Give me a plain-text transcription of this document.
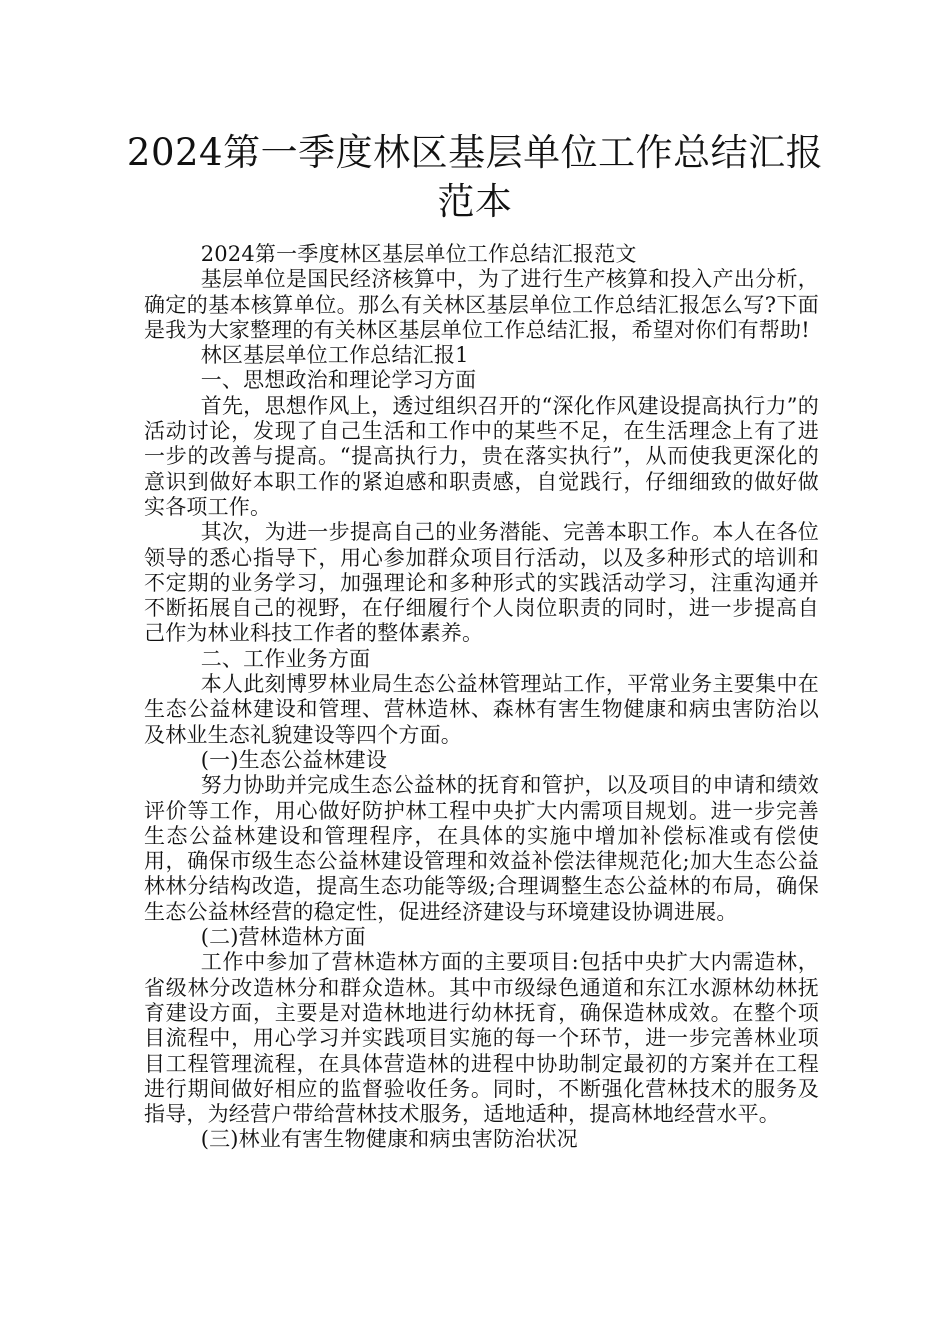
2024第一季度林区基层单位工作总结汇报范本

2024第一季度林区基层单位工作总结汇报范文

基层单位是国民经济核算中，为了进行生产核算和投入产出分析，确定的基本核算单位。那么有关林区基层单位工作总结汇报怎么写?下面是我为大家整理的有关林区基层单位工作总结汇报，希望对你们有帮助!

林区基层单位工作总结汇报1

一、思想政治和理论学习方面

首先，思想作风上，透过组织召开的“深化作风建设提高执行力”的活动讨论，发现了自己生活和工作中的某些不足，在生活理念上有了进一步的改善与提高。“提高执行力，贵在落实执行”，从而使我更深化的意识到做好本职工作的紧迫感和职责感，自觉践行，仔细细致的做好做实各项工作。

其次，为进一步提高自己的业务潜能、完善本职工作。本人在各位领导的悉心指导下，用心参加群众项目行活动，以及多种形式的培训和不定期的业务学习，加强理论和多种形式的实践活动学习，注重沟通并不断拓展自己的视野，在仔细履行个人岗位职责的同时，进一步提高自己作为林业科技工作者的整体素养。

二、工作业务方面

本人此刻博罗林业局生态公益林管理站工作，平常业务主要集中在生态公益林建设和管理、营林造林、森林有害生物健康和病虫害防治以及林业生态礼貌建设等四个方面。

(一)生态公益林建设

努力协助并完成生态公益林的抚育和管护，以及项目的申请和绩效评价等工作，用心做好防护林工程中央扩大内需项目规划。进一步完善生态公益林建设和管理程序，在具体的实施中增加补偿标准或有偿使用，确保市级生态公益林建设管理和效益补偿法律规范化;加大生态公益林林分结构改造，提高生态功能等级;合理调整生态公益林的布局，确保生态公益林经营的稳定性，促进经济建设与环境建设协调进展。

(二)营林造林方面

工作中参加了营林造林方面的主要项目:包括中央扩大内需造林，省级林分改造林分和群众造林。其中市级绿色通道和东江水源林幼林抚育建设方面，主要是对造林地进行幼林抚育，确保造林成效。在整个项目流程中，用心学习并实践项目实施的每一个环节，进一步完善林业项目工程管理流程，在具体营造林的进程中协助制定最初的方案并在工程进行期间做好相应的监督验收任务。同时，不断强化营林技术的服务及指导，为经营户带给营林技术服务，适地适种，提高林地经营水平。

(三)林业有害生物健康和病虫害防治状况
